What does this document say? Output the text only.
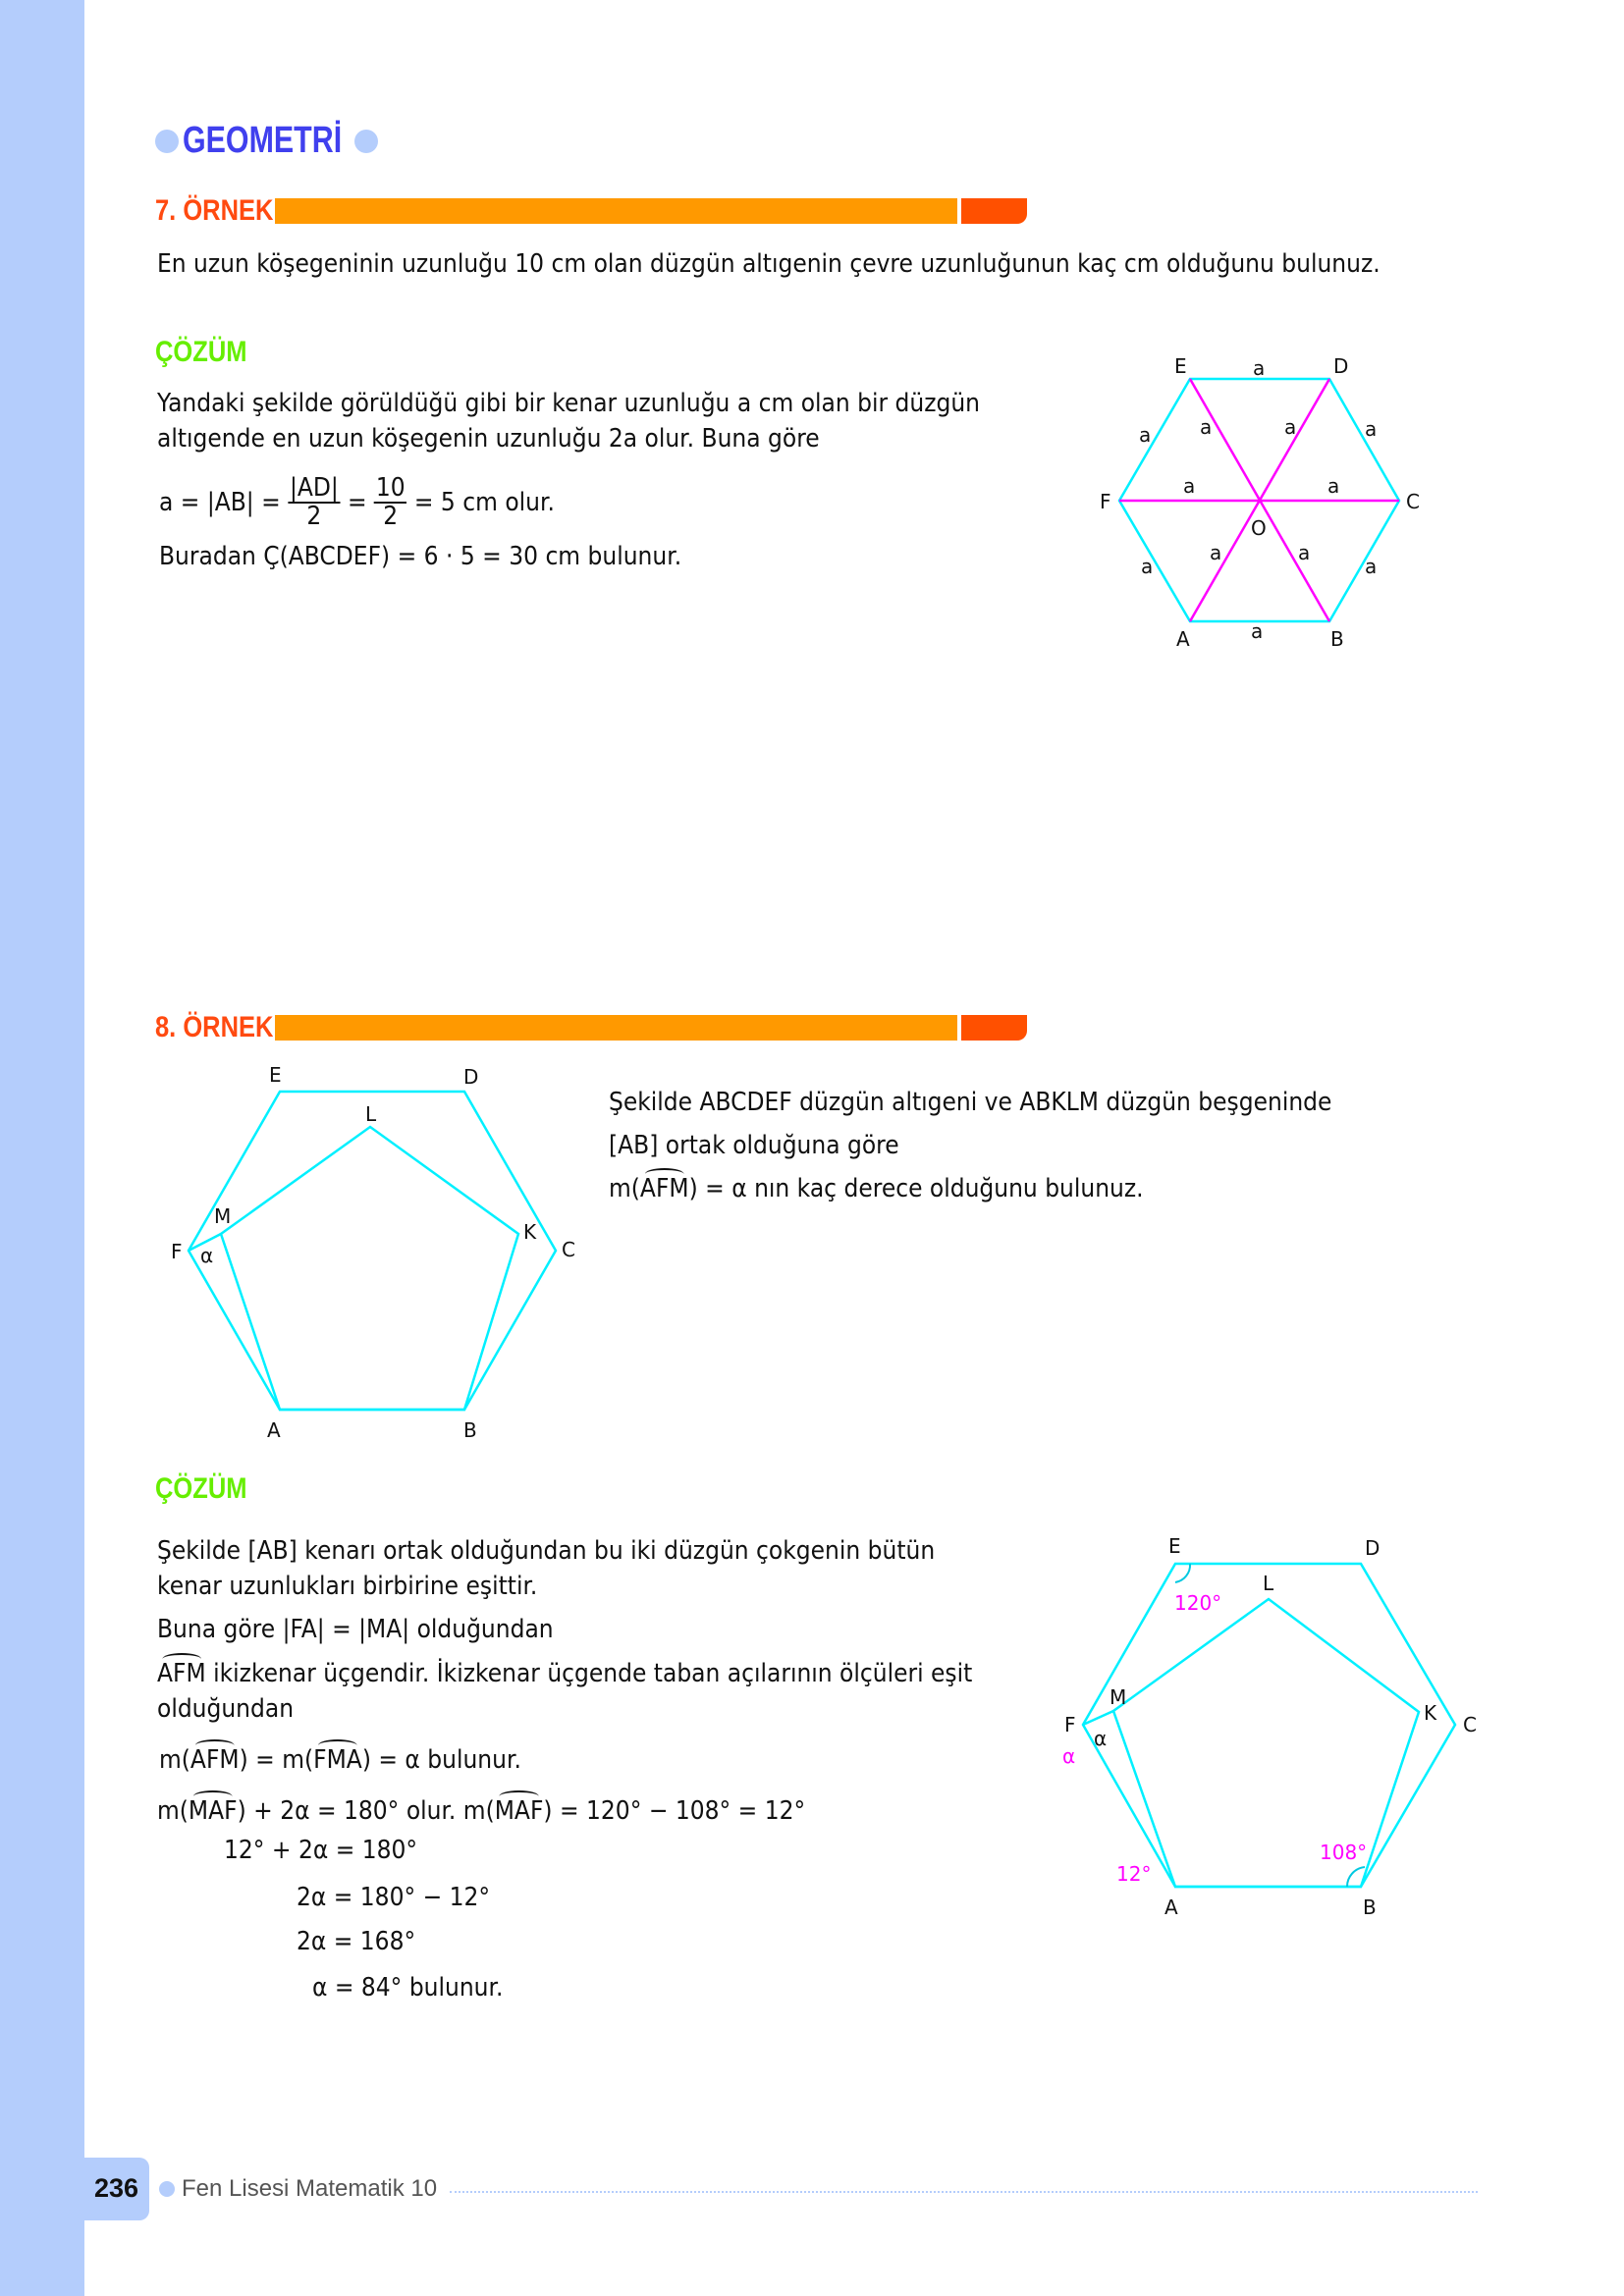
GEOMETRİ
7. ÖRNEK
En uzun köşegeninin uzunluğu 10 cm olan düzgün altıgenin çevre uzunluğunun kaç cm olduğunu bulunuz.
ÇÖZÜM
Yandaki şekilde görüldüğü gibi bir kenar uzunluğu a cm olan bir düzgün
altıgende en uzun köşegenin uzunluğu 2a olur. Buna göre
$a = |AB| = \frac{|AD|}{2} = \frac{10}{2} = 5$ cm olur.
Buradan Ç(ABCDEF) = 6 · 5 = 30 cm bulunur.
E	D
C
B
A
F
O
a
a a	a	a
a	a
a	a
a	a
a
E	D
C
B
A
F
K
L
M
α
120°
108°
12°
α
E	D
C
B
A
F	K
L
M
α
8. ÖRNEK
Şekilde ABCDEF düzgün altıgeni ve ABKLM düzgün beşgeninde
[AB] ortak olduğuna göre
m(AFM) = α nın kaç derece olduğunu bulunuz.
ÇÖZÜM
Şekilde [AB] kenarı ortak olduğundan bu iki düzgün çokgenin bütün
kenar uzunlukları birbirine eşittir.
Buna göre |FA| = |MA| olduğundan
AFM ikizkenar üçgendir. İkizkenar üçgende taban açılarının ölçüleri eşit
olduğundan
m(AFM) = m(FMA) = α bulunur.
m(MAF) + 2α = 180° olur. m(MAF) = 120° − 108° = 12°
12° + 2α = 180°
2α = 180° − 12°
2α = 168°
α = 84° bulunur.
236 Fen Lisesi Matematik 10
